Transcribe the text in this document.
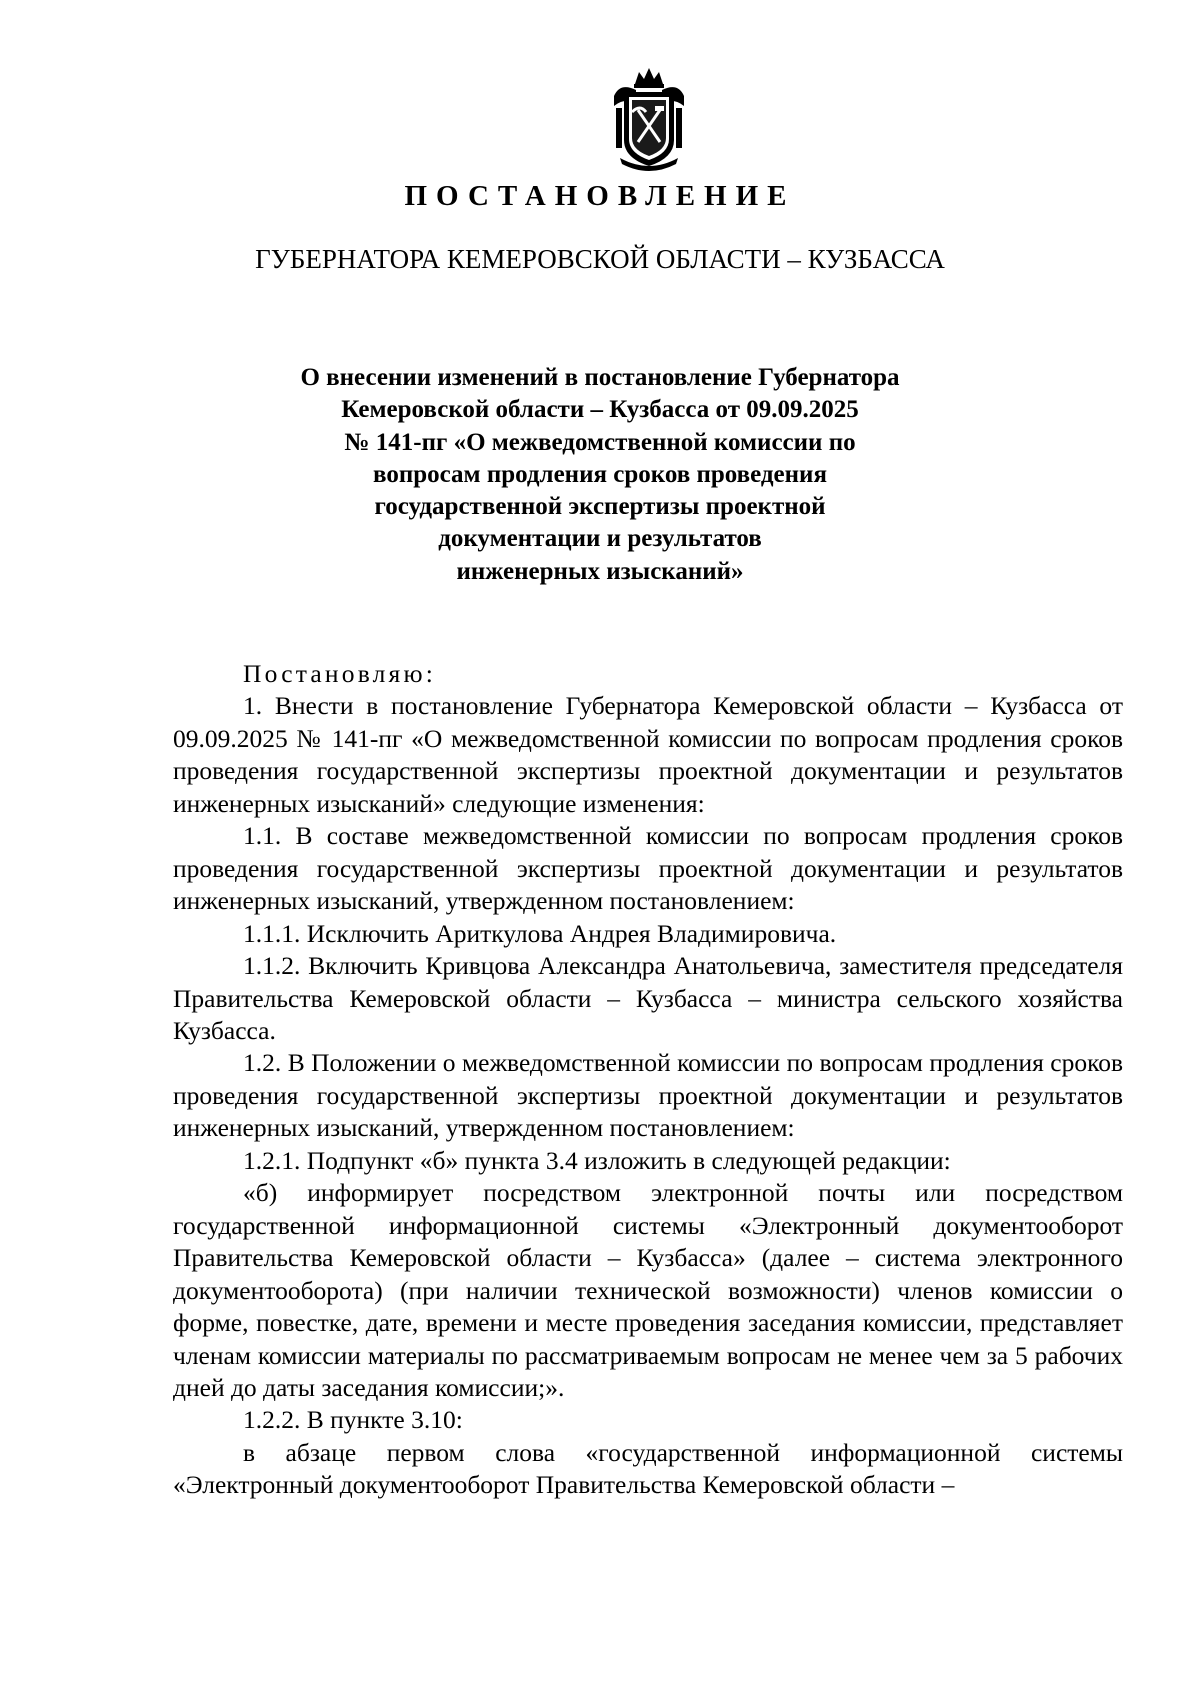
ПОСТАНОВЛЕНИЕ
ГУБЕРНАТОРА КЕМЕРОВСКОЙ ОБЛАСТИ – КУЗБАССА
О внесении изменений в постановление Губернатора
Кемеровской области – Кузбасса от 09.09.2025
№ 141-пг «О межведомственной комиссии по
вопросам продления сроков проведения
государственной экспертизы проектной
документации и результатов
инженерных изысканий»

Постановляю:

1. Внести в постановление Губернатора Кемеровской области – Кузбасса от 09.09.2025 № 141-пг «О межведомственной комиссии по вопросам продления сроков проведения государственной экспертизы проектной документации и результатов инженерных изысканий» следующие изменения:

1.1. В составе межведомственной комиссии по вопросам продления сроков проведения государственной экспертизы проектной документации и результатов инженерных изысканий, утвержденном постановлением:

1.1.1. Исключить Ариткулова Андрея Владимировича.

1.1.2. Включить Кривцова Александра Анатольевича, заместителя председателя Правительства Кемеровской области – Кузбасса – министра сельского хозяйства Кузбасса.

1.2. В Положении о межведомственной комиссии по вопросам продления сроков проведения государственной экспертизы проектной документации и результатов инженерных изысканий, утвержденном постановлением:

1.2.1. Подпункт «б» пункта 3.4 изложить в следующей редакции:

«б) информирует посредством электронной почты или посредством государственной информационной системы «Электронный документооборот Правительства Кемеровской области – Кузбасса» (далее – система электронного документооборота) (при наличии технической возможности) членов комиссии о форме, повестке, дате, времени и месте проведения заседания комиссии, представляет членам комиссии материалы по рассматриваемым вопросам не менее чем за 5 рабочих дней до даты заседания комиссии;».

1.2.2. В пункте 3.10:

в абзаце первом слова «государственной информационной системы «Электронный документооборот Правительства Кемеровской области –
